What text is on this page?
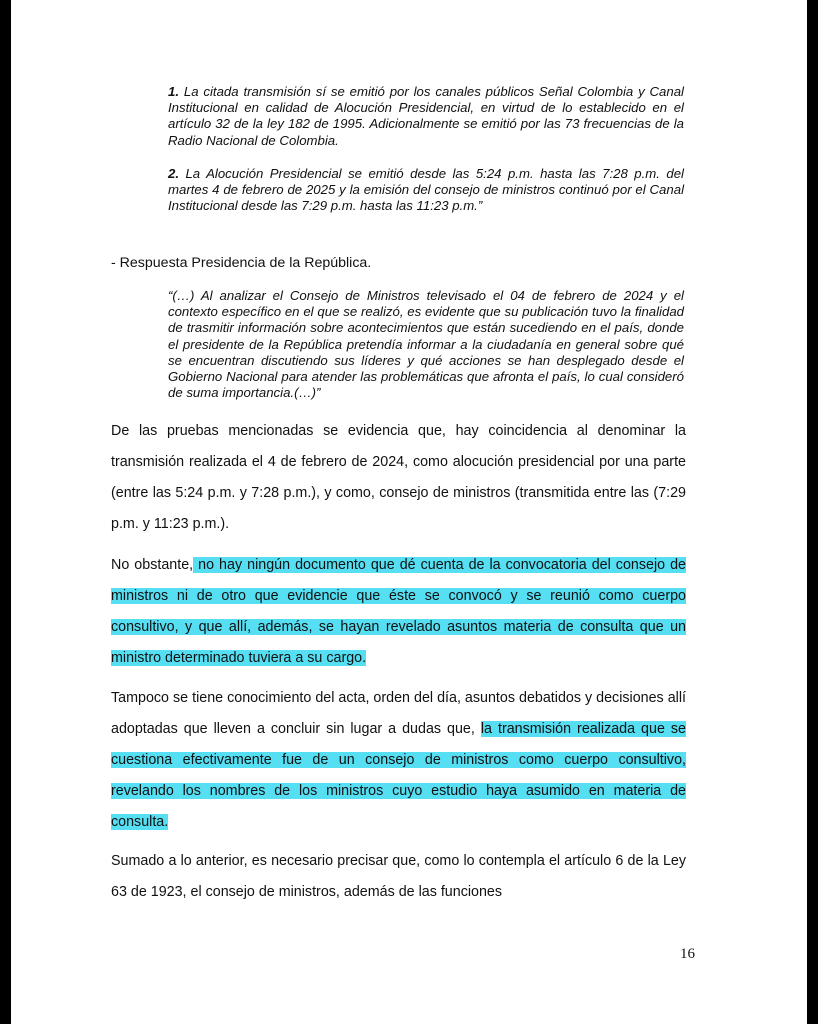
1. La citada transmisión sí se emitió por los canales públicos Señal Colombia y Canal Institucional en calidad de Alocución Presidencial, en virtud de lo establecido en el artículo 32 de la ley 182 de 1995. Adicionalmente se emitió por las 73 frecuencias de la Radio Nacional de Colombia.

2. La Alocución Presidencial se emitió desde las 5:24 p.m. hasta las 7:28 p.m. del martes 4 de febrero de 2025 y la emisión del consejo de ministros continuó por el Canal Institucional desde las 7:29 p.m. hasta las 11:23 p.m.”

- Respuesta Presidencia de la República.

“(…) Al analizar el Consejo de Ministros televisado el 04 de febrero de 2024 y el contexto específico en el que se realizó, es evidente que su publicación tuvo la finalidad de trasmitir información sobre acontecimientos que están sucediendo en el país, donde el presidente de la República pretendía informar a la ciudadanía en general sobre qué se encuentran discutiendo sus líderes y qué acciones se han desplegado desde el Gobierno Nacional para atender las problemáticas que afronta el país, lo cual consideró de suma importancia.(…)”

De las pruebas mencionadas se evidencia que, hay coincidencia al denominar la transmisión realizada el 4 de febrero de 2024, como alocución presidencial por una parte (entre las 5:24 p.m. y 7:28 p.m.), y como, consejo de ministros (transmitida entre las (7:29 p.m. y 11:23 p.m.).

No obstante, no hay ningún documento que dé cuenta de la convocatoria del consejo de ministros ni de otro que evidencie que éste se convocó y se reunió como cuerpo consultivo, y que allí, además, se hayan revelado asuntos materia de consulta que un ministro determinado tuviera a su cargo.

Tampoco se tiene conocimiento del acta, orden del día, asuntos debatidos y decisiones allí adoptadas que lleven a concluir sin lugar a dudas que, la transmisión realizada que se cuestiona efectivamente fue de un consejo de ministros como cuerpo consultivo, revelando los nombres de los ministros cuyo estudio haya asumido en materia de consulta.

Sumado a lo anterior, es necesario precisar que, como lo contempla el artículo 6 de la Ley 63 de 1923, el consejo de ministros, además de las funciones

16
